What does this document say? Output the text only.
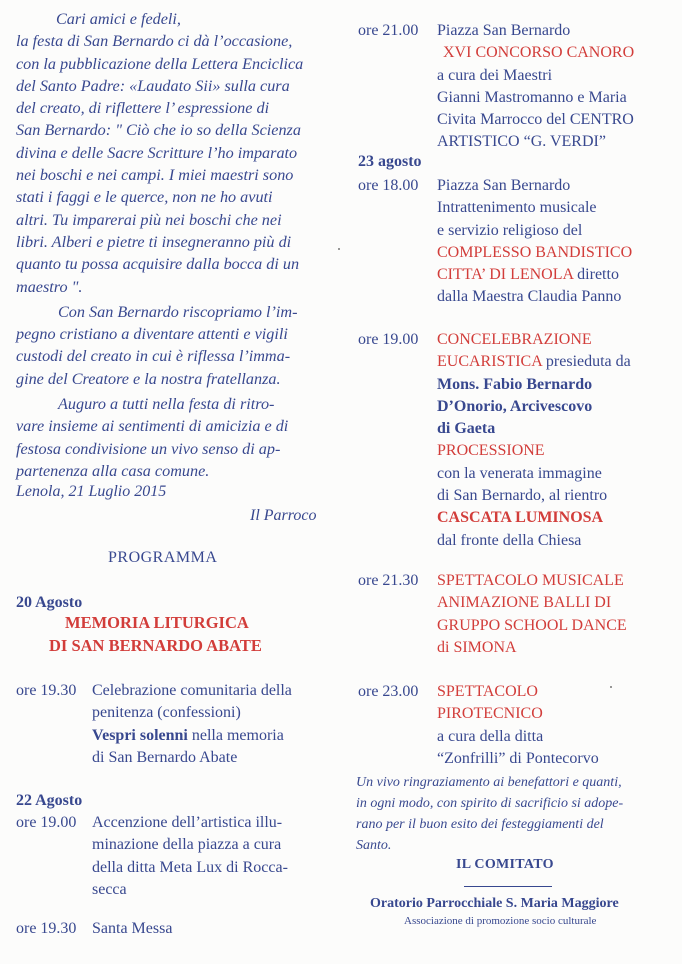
Cari amici e fedeli,

la festa di San Bernardo ci dà l’occasione,

con la pubblicazione della Lettera Enciclica

del Santo Padre: «Laudato Sii» sulla cura

del creato, di riflettere l’ espressione di

San Bernardo: " Ciò che io so della Scienza

divina e delle Sacre Scritture l’ho imparato

nei boschi e nei campi. I miei maestri sono

stati i faggi e le querce, non ne ho avuti

altri. Tu imparerai più nei boschi che nei

libri. Alberi e pietre ti insegneranno più di

quanto tu possa acquisire dalla bocca di un

maestro ".

Con San Bernardo riscopriamo l’im-

pegno cristiano a diventare attenti e vigili

custodi del creato in cui è riflessa l’imma-

gine del Creatore e la nostra fratellanza.

Auguro a tutti nella festa di ritro-

vare insieme ai sentimenti di amicizia e di

festosa condivisione un vivo senso di ap-

partenenza alla casa comune.

Lenola, 21 Luglio 2015
Il Parroco
PROGRAMMA
20 Agosto
MEMORIA LITURGICA
DI SAN BERNARDO ABATE
ore 19.30 Celebrazione comunitaria della
penitenza (confessioni)
Vespri solenni nella memoria
di San Bernardo Abate
22 Agosto
ore 19.00 Accenzione dell’artistica illu-
minazione della piazza a cura
della ditta Meta Lux di Rocca-
secca
ore 19.30 Santa Messa
ore 21.00 Piazza San Bernardo
XVI CONCORSO CANORO
a cura dei Maestri
Gianni Mastromanno e Maria
Civita Marrocco del CENTRO
ARTISTICO “G. VERDI”
23 agosto
ore 18.00 Piazza San Bernardo
Intrattenimento musicale
e servizio religioso del
COMPLESSO BANDISTICO
CITTA’ DI LENOLA diretto
dalla Maestra Claudia Panno
ore 19.00 CONCELEBRAZIONE
EUCARISTICA presieduta da
Mons. Fabio Bernardo
D’Onorio, Arcivescovo
di Gaeta
PROCESSIONE
con la venerata immagine
di San Bernardo, al rientro
CASCATA LUMINOSA
dal fronte della Chiesa
ore 21.30 SPETTACOLO MUSICALE
ANIMAZIONE BALLI DI
GRUPPO SCHOOL DANCE
di SIMONA
ore 23.00 SPETTACOLO
PIROTECNICO
a cura della ditta
“Zonfrilli” di Pontecorvo
Un vivo ringraziamento ai benefattori e quanti,
in ogni modo, con spirito di sacrificio si adope-
rano per il buon esito dei festeggiamenti del
Santo.
IL COMITATO
Oratorio Parrocchiale S. Maria Maggiore
Associazione di promozione socio culturale
